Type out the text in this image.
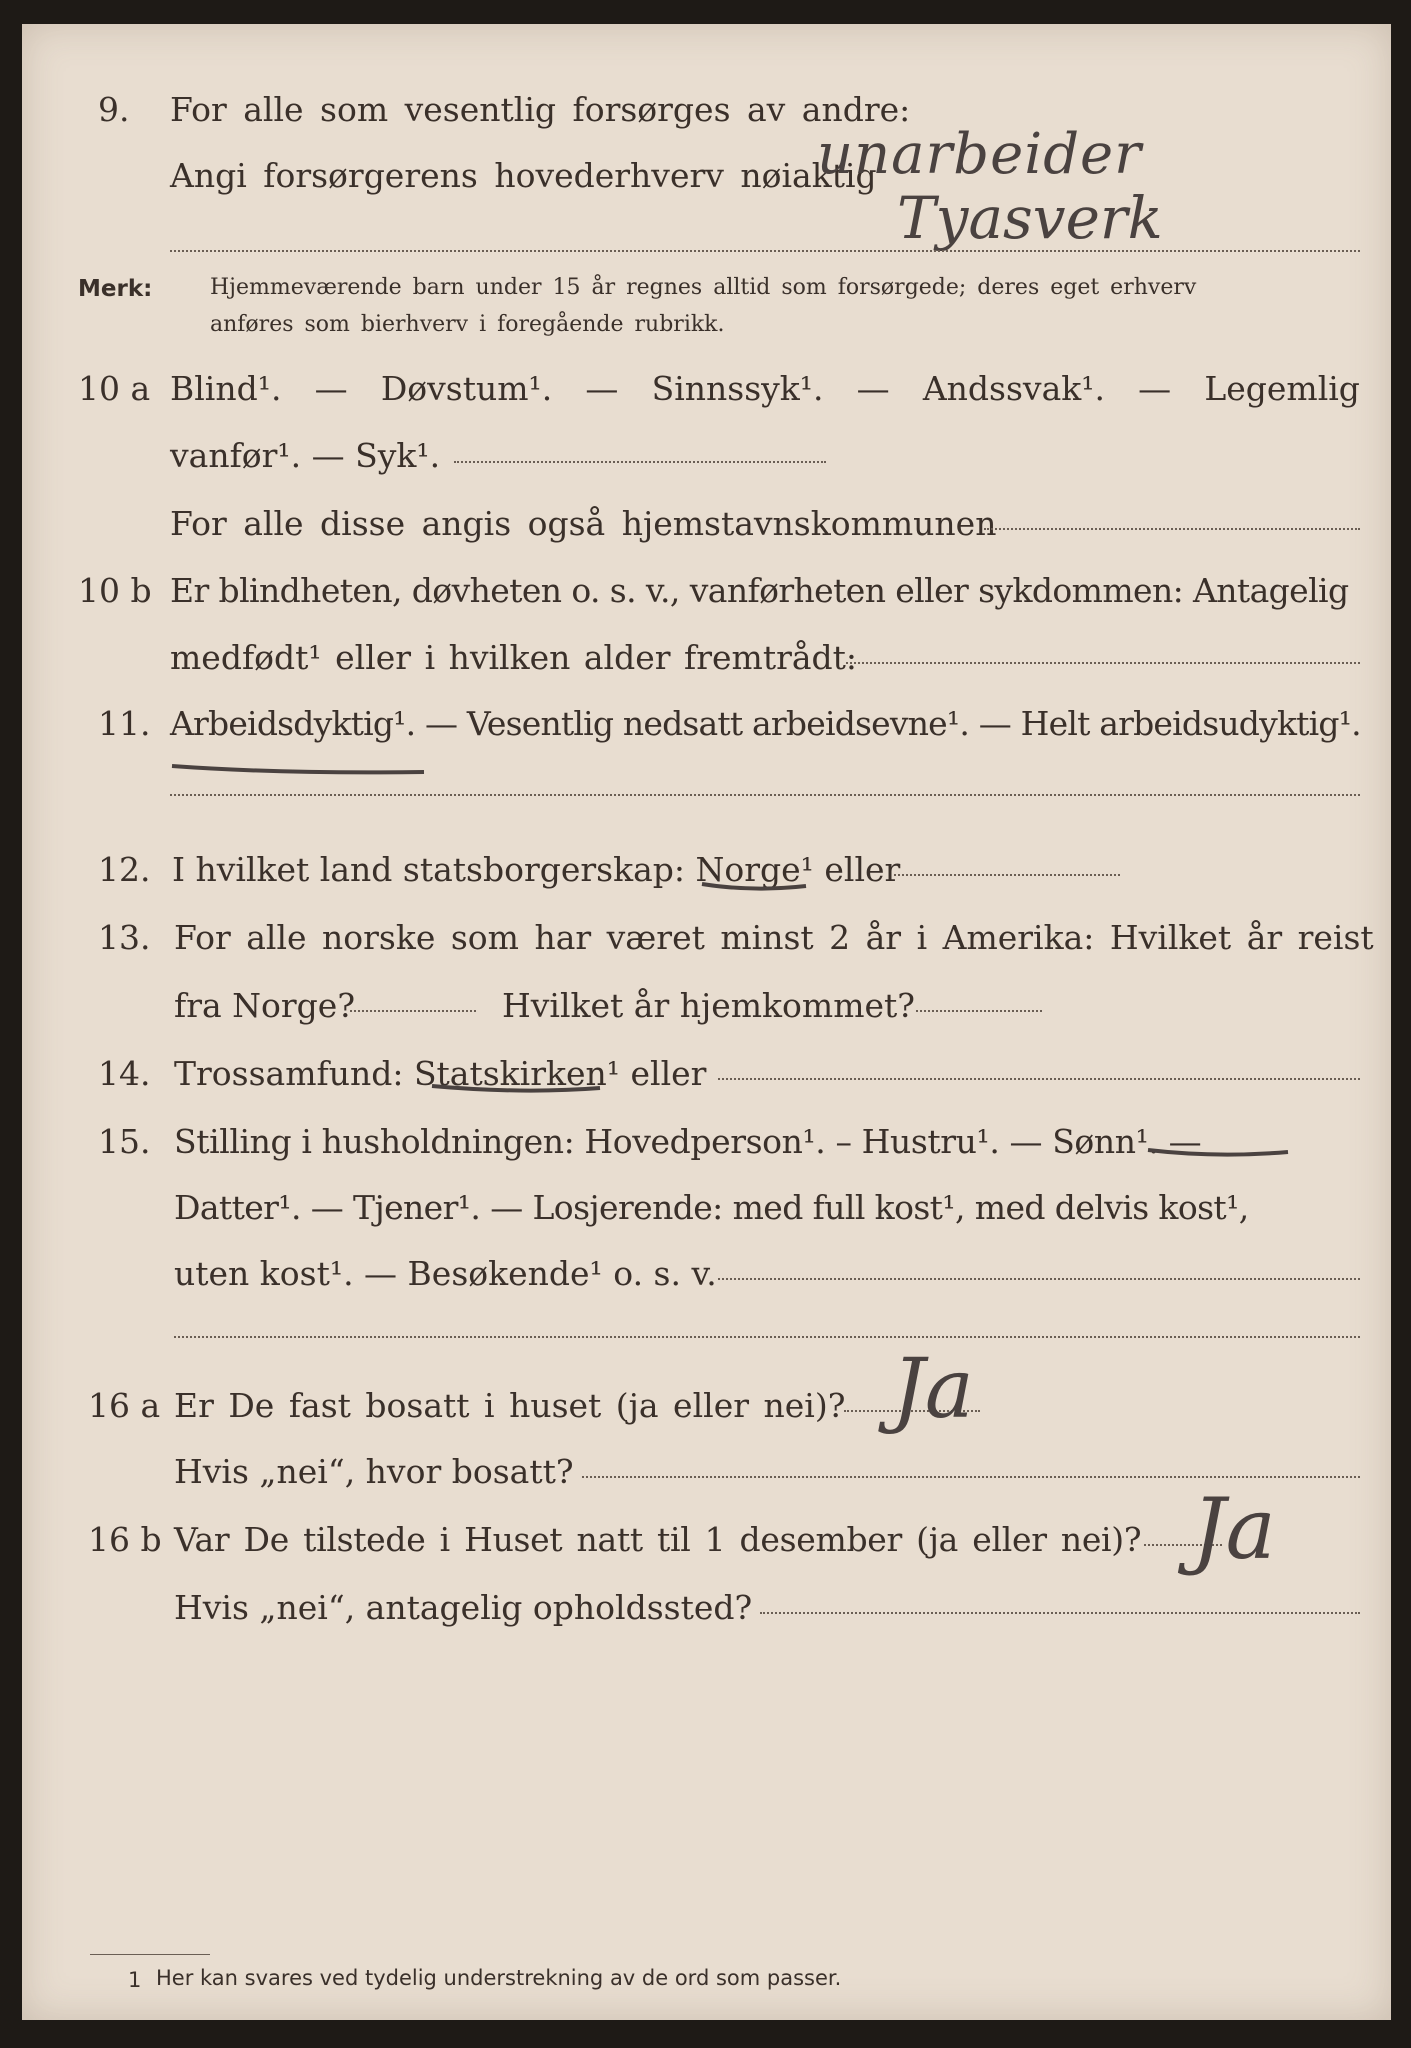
9. For alle som vesentlig forsørges av andre:
Angi forsørgerens hovederhverv nøiaktig
unarbeider
Tyasverk
Merk:	Hjemmeværende barn under 15 år regnes alltid som forsørgede; deres eget erhverv
anføres som bierhverv i foregående rubrikk.
10 a Blind¹. — Døvstum¹. — Sinnssyk¹. — Andssvak¹. — Legemlig
vanfør¹. — Syk¹.
For alle disse angis også hjemstavnskommunen
10 b Er blindheten, døvheten o. s. v., vanførheten eller sykdommen: Antagelig
medfødt¹ eller i hvilken alder fremtrådt:
11. Arbeidsdyktig¹. — Vesentlig nedsatt arbeidsevne¹. — Helt arbeidsudyktig¹.
12. I hvilket land statsborgerskap: Norge¹ eller
13. For alle norske som har været minst 2 år i Amerika: Hvilket år reist
fra Norge?	Hvilket år hjemkommet?
14. Trossamfund: Statskirken¹ eller
15. Stilling i husholdningen: Hovedperson¹. – Hustru¹. — Sønn¹. —
Datter¹. — Tjener¹. — Losjerende: med full kost¹, med delvis kost¹,
uten kost¹. — Besøkende¹ o. s. v.
16 a Er De fast bosatt i huset (ja eller nei)? Ja
Hvis „nei“, hvor bosatt?
16 b Var De tilstede i Huset natt til 1 desember (ja eller nei)? Ja
Hvis „nei“, antagelig opholdssted?
1 Her kan svares ved tydelig understrekning av de ord som passer.
